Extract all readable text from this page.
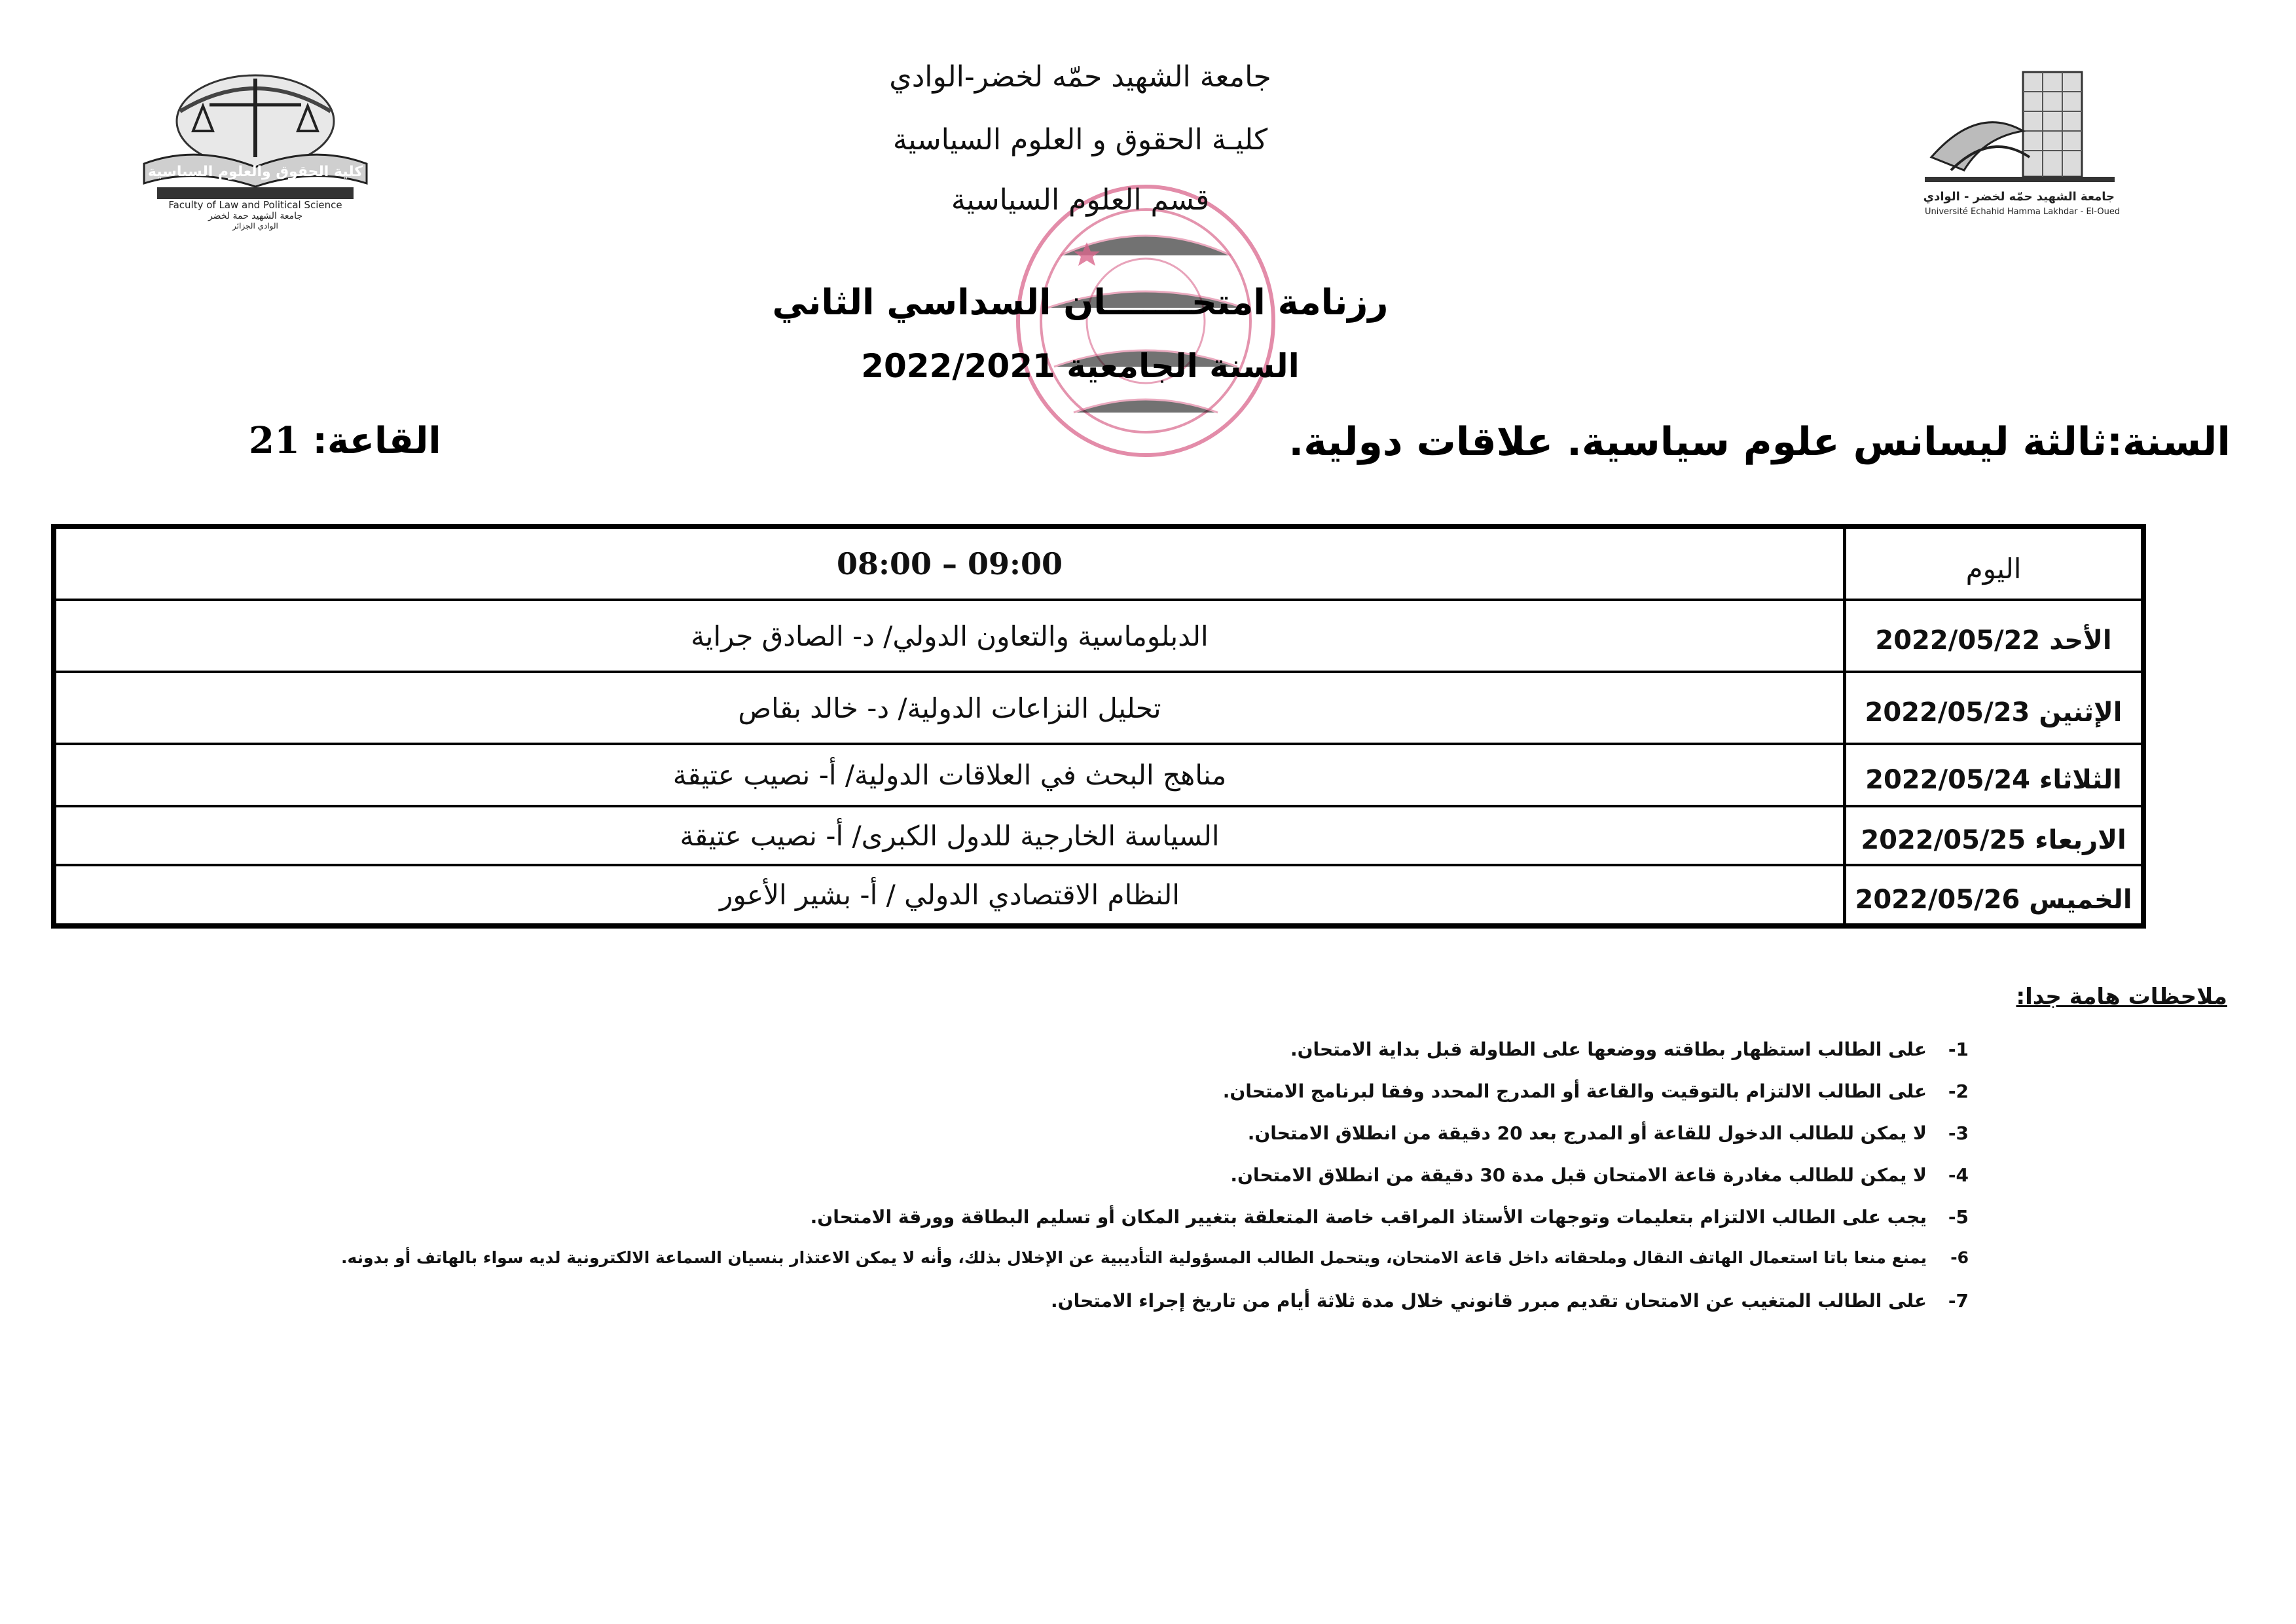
كلية الحقوق والعلوم السياسية
Faculty of Law and Political Science
جامعة الشهيد حمة لخضر
الوادي الجزائر
جامعة الشهيد حمّه لخضر - الوادي
Université Echahid Hamma Lakhdar - El-Oued
جامعة الشهيد حمّه لخضر-الوادي
كليـة الحقوق و العلوم السياسية
قسم العلوم السياسية
رزنامة امتحـــــــان السداسي الثاني
السنة الجامعية 2022/2021
السنة:ثالثة ليسانس علوم سياسية. علاقات دولية.
القاعة: 21
اليوم
08:00 – 09:00
الأحد 2022/05/22
الدبلوماسية والتعاون الدولي/ د- الصادق جراية
الإثنين 2022/05/23
تحليل النزاعات الدولية/ د- خالد بقاص
الثلاثاء 2022/05/24
مناهج البحث في العلاقات الدولية/ أ- نصيب عتيقة
الاربعاء 2022/05/25
السياسة الخارجية للدول الكبرى/ أ- نصيب عتيقة
الخميس 2022/05/26
النظام الاقتصادي الدولي / أ- بشير الأعور
ملاحظات هامة جدا:
1-على الطالب استظهار بطاقته ووضعها على الطاولة قبل بداية الامتحان.
2-على الطالب الالتزام بالتوقيت والقاعة أو المدرج المحدد وفقا لبرنامج الامتحان.
3-لا يمكن للطالب الدخول للقاعة أو المدرج بعد 20 دقيقة من انطلاق الامتحان.
4-لا يمكن للطالب مغادرة قاعة الامتحان قبل مدة 30 دقيقة من انطلاق الامتحان.
5-يجب على الطالب الالتزام بتعليمات وتوجهات الأستاذ المراقب خاصة المتعلقة بتغيير المكان أو تسليم البطاقة وورقة الامتحان.
6-يمنع منعا باتا استعمال الهاتف النقال وملحقاته داخل قاعة الامتحان، ويتحمل الطالب المسؤولية التأديبية عن الإخلال بذلك، وأنه لا يمكن الاعتذار بنسيان السماعة الالكترونية لديه سواء بالهاتف أو بدونه.
7-على الطالب المتغيب عن الامتحان تقديم مبرر قانوني خلال مدة ثلاثة أيام من تاريخ إجراء الامتحان.
